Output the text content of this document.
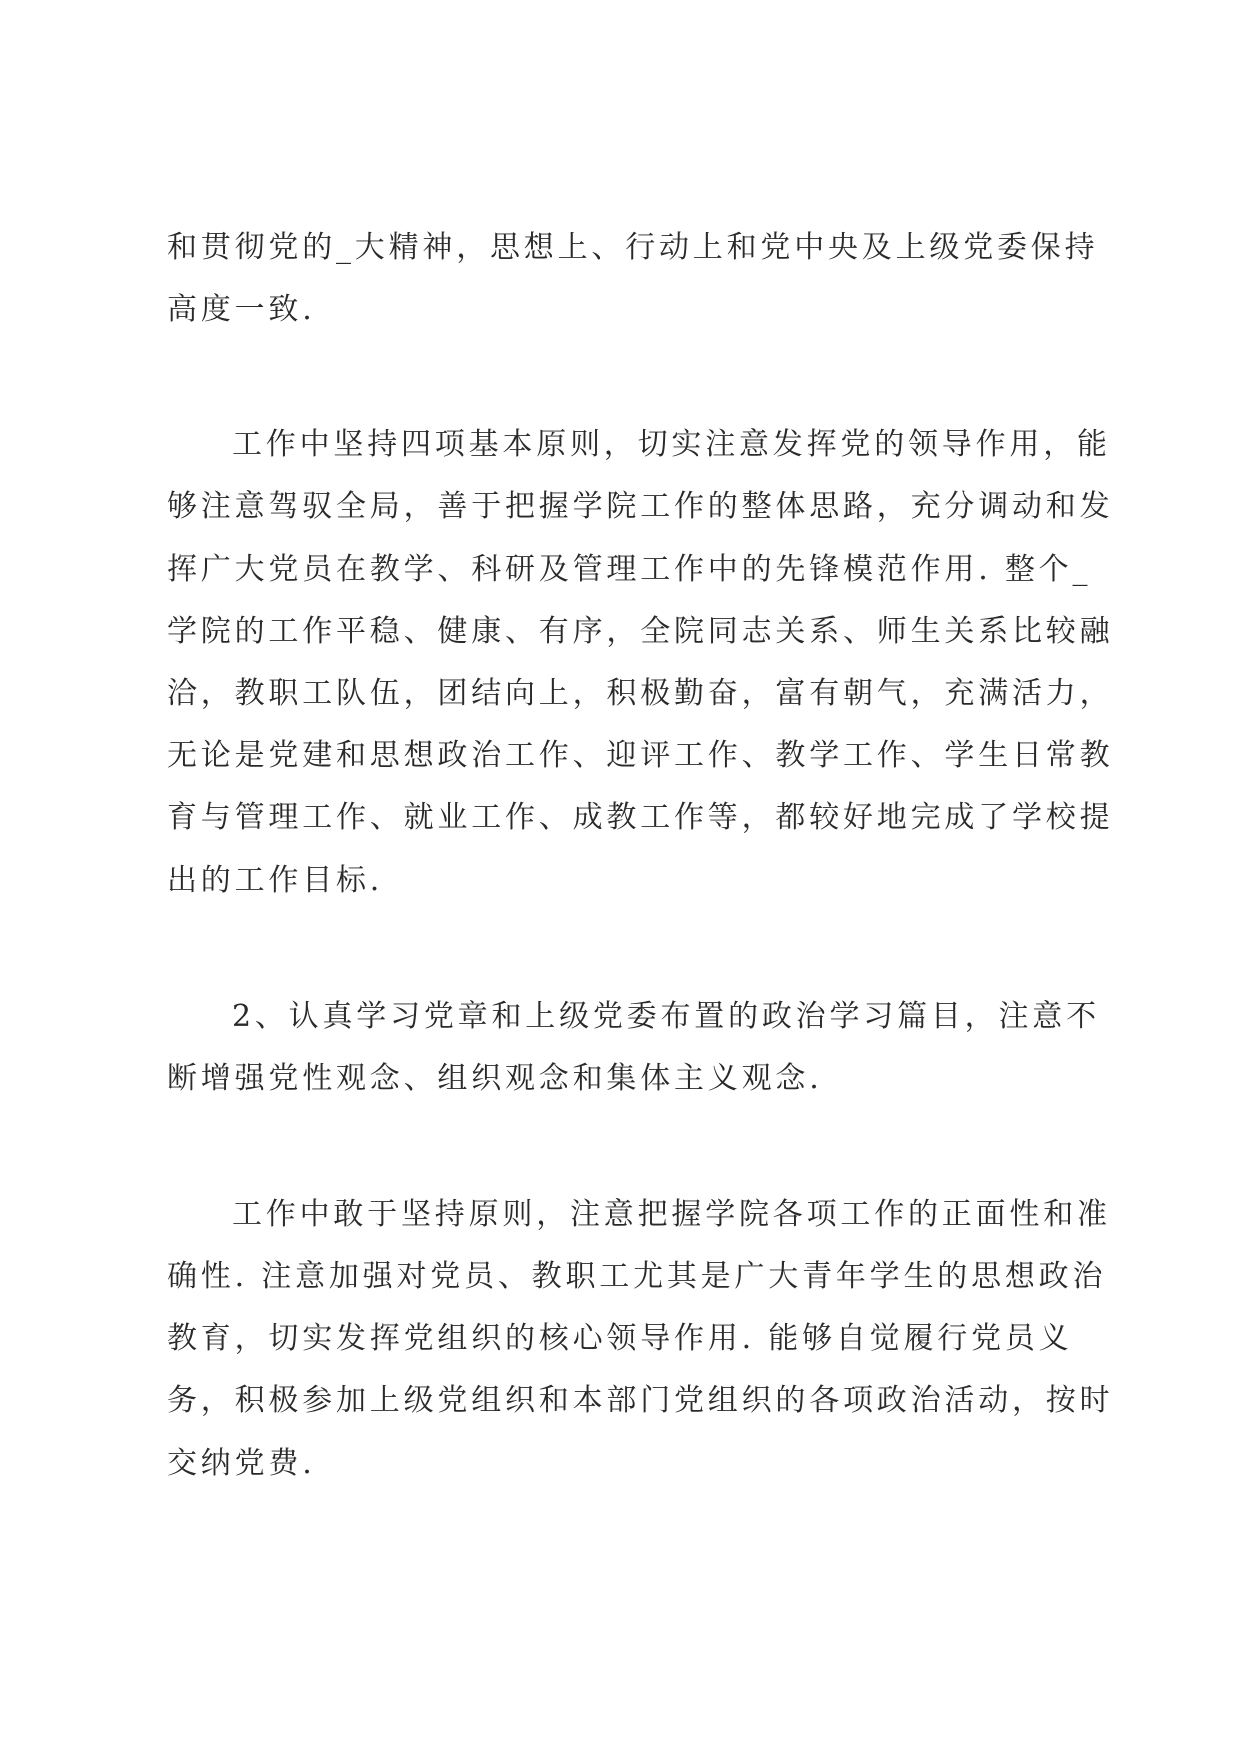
和贯彻党的_大精神，思想上、行动上和党中央及上级党委保持
高度一致.
工作中坚持四项基本原则，切实注意发挥党的领导作用，能
够注意驾驭全局，善于把握学院工作的整体思路，充分调动和发
挥广大党员在教学、科研及管理工作中的先锋模范作用. 整个_
学院的工作平稳、健康、有序，全院同志关系、师生关系比较融
洽，教职工队伍，团结向上，积极勤奋，富有朝气，充满活力，
无论是党建和思想政治工作、迎评工作、教学工作、学生日常教
育与管理工作、就业工作、成教工作等，都较好地完成了学校提
出的工作目标.
2、认真学习党章和上级党委布置的政治学习篇目，注意不
断增强党性观念、组织观念和集体主义观念.
工作中敢于坚持原则，注意把握学院各项工作的正面性和准
确性. 注意加强对党员、教职工尤其是广大青年学生的思想政治
教育，切实发挥党组织的核心领导作用. 能够自觉履行党员义
务，积极参加上级党组织和本部门党组织的各项政治活动，按时
交纳党费.
